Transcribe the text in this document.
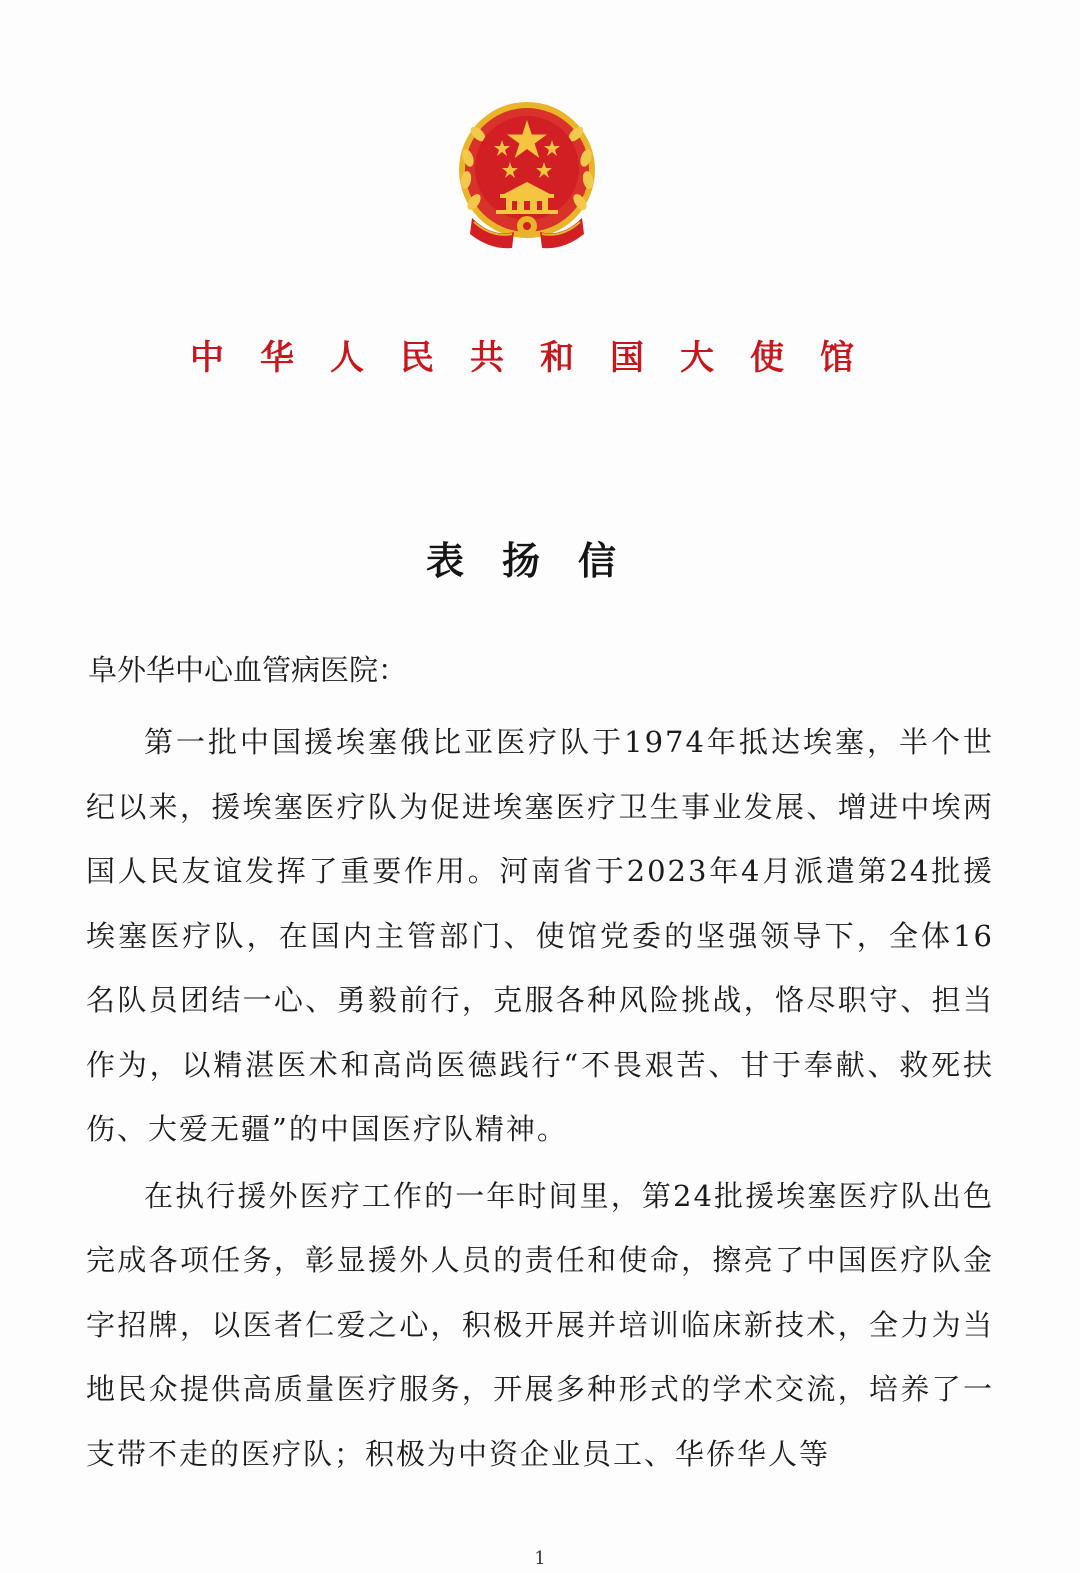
中华人民共和国大使馆
表扬信
阜外华中心血管病医院：

第一批中国援埃塞俄比亚医疗队于1974年抵达埃塞，半个世纪以来，援埃塞医疗队为促进埃塞医疗卫生事业发展、增进中埃两国人民友谊发挥了重要作用。河南省于2023年4月派遣第24批援埃塞医疗队，在国内主管部门、使馆党委的坚强领导下，全体16名队员团结一心、勇毅前行，克服各种风险挑战，恪尽职守、担当作为，以精湛医术和高尚医德践行“不畏艰苦、甘于奉献、救死扶伤、大爱无疆”的中国医疗队精神。

在执行援外医疗工作的一年时间里，第24批援埃塞医疗队出色完成各项任务，彰显援外人员的责任和使命，擦亮了中国医疗队金字招牌，以医者仁爱之心，积极开展并培训临床新技术，全力为当地民众提供高质量医疗服务，开展多种形式的学术交流，培养了一支带不走的医疗队；积极为中资企业员工、华侨华人等

1
